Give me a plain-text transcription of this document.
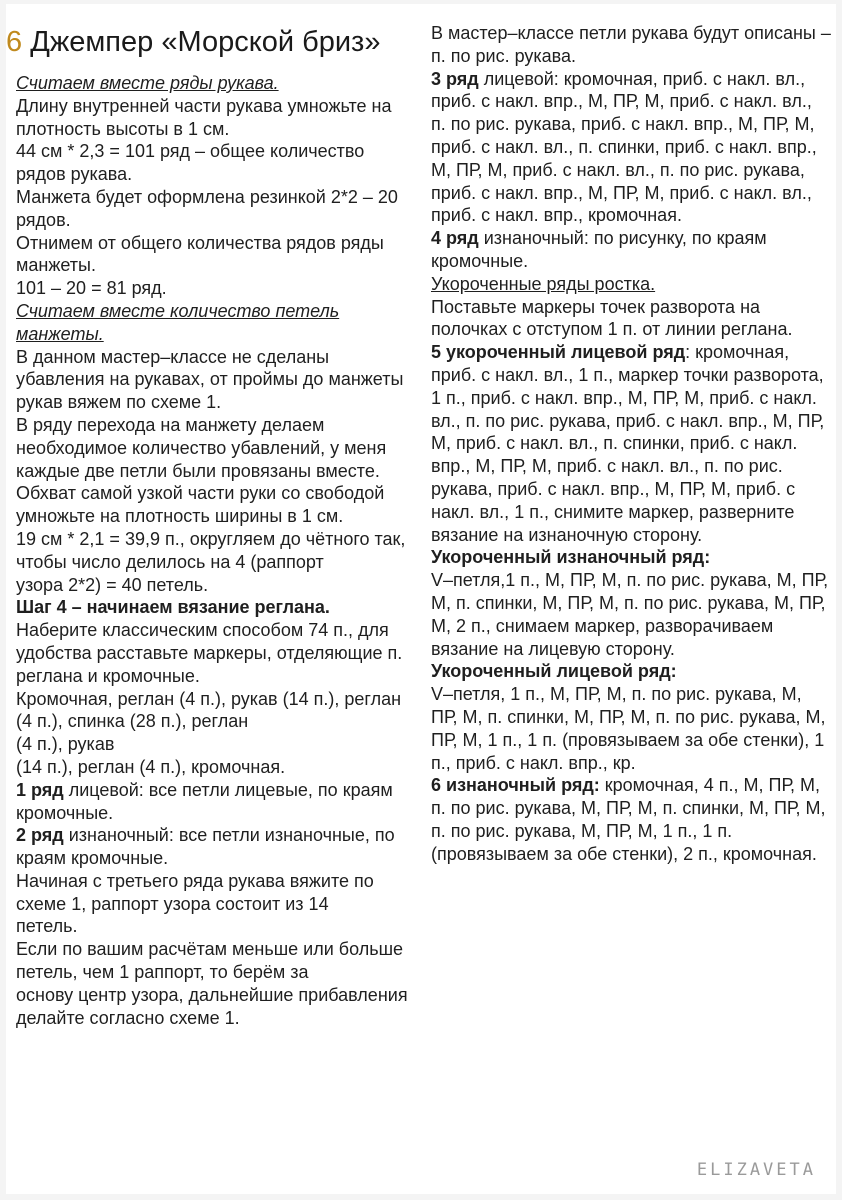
6 Джемпер «Морской бриз»

Считаем вместе ряды рукава.

Длину внутренней части рукава умножьте на плотность высоты в 1 см.

44 см * 2,3 = 101 ряд – общее количество рядов рукава.

Манжета будет оформлена резинкой 2*2 – 20 рядов.

Отнимем от общего количества рядов ряды манжеты.

101 – 20 = 81 ряд.

Считаем вместе количество петель манжеты.

В данном мастер–классе не сделаны убавления на рукавах, от проймы до манжеты

рукав вяжем по схеме 1.

В ряду перехода на манжету делаем необходимое количество убавлений, у меня

каждые две петли были провязаны вместе.

Обхват самой узкой части руки со свободой умножьте на плотность ширины в 1 см.

19 см * 2,1 = 39,9 п., округляем до чётного так, чтобы число делилось на 4 (раппорт

узора 2*2) = 40 петель.

Шаг 4 – начинаем вязание реглана.

Наберите классическим способом 74 п., для удобства расставьте маркеры, отделяющие п. реглана и кромочные.

Кромочная, реглан (4 п.), рукав (14 п.), реглан (4 п.), спинка (28 п.), реглан

(4 п.), рукав

(14 п.), реглан (4 п.), кромочная.

1 ряд лицевой: все петли лицевые, по краям кромочные.

2 ряд изнаночный: все петли изнаночные, по краям кромочные.

Начиная с третьего ряда рукава вяжите по схеме 1, раппорт узора состоит из 14

петель.

Если по вашим расчётам меньше или больше петель, чем 1 раппорт, то берём за

основу центр узора, дальнейшие прибавления делайте согласно схеме 1.

В мастер–классе петли рукава будут описаны – п. по рис. рукава.

3 ряд лицевой: кромочная, приб. с накл. вл., приб. с накл. впр., М, ПР, М, приб. с накл. вл., п. по рис. рукава, приб. с накл. впр., М, ПР, М, приб. с накл. вл., п. спинки, приб. с накл. впр., М, ПР, М, приб. с накл. вл., п. по рис. рукава, приб. с накл. впр., М, ПР, М, приб. с накл. вл., приб. с накл. впр., кромочная.

4 ряд изнаночный: по рисунку, по краям кромочные.

Укороченные ряды ростка.

Поставьте маркеры точек разворота на полочках с отступом 1 п. от линии реглана.

5 укороченный лицевой ряд: кромочная, приб. с накл. вл., 1 п., маркер точки разворота, 1 п., приб. с накл. впр., М, ПР, М, приб. с накл. вл., п. по рис. рукава, приб. с накл. впр., М, ПР, М, приб. с накл. вл., п. спинки, приб. с накл. впр., М, ПР, М, приб. с накл. вл., п. по рис. рукава, приб. с накл. впр., М, ПР, М, приб. с накл. вл., 1 п., снимите маркер, разверните вязание на изнаночную сторону.

Укороченный изнаночный ряд:

V–петля,1 п., М, ПР, М, п. по рис. рукава, М, ПР, М, п. спинки, М, ПР, М, п. по рис. рукава, М, ПР, М, 2 п., снимаем маркер, разворачиваем вязание на лицевую сторону.

Укороченный лицевой ряд:

V–петля, 1 п., М, ПР, М, п. по рис. рукава, М, ПР, М, п. спинки, М, ПР, М, п. по рис. рукава, М, ПР, М, 1 п., 1 п. (провязываем за обе стенки), 1 п., приб. с накл. впр., кр.

6 изнаночный ряд: кромочная, 4 п., М, ПР, М, п. по рис. рукава, М, ПР, М, п. спинки, М, ПР, М, п. по рис. рукава, М, ПР, М, 1 п., 1 п. (провязываем за обе стенки), 2 п., кромочная.

ELIZAVETA
